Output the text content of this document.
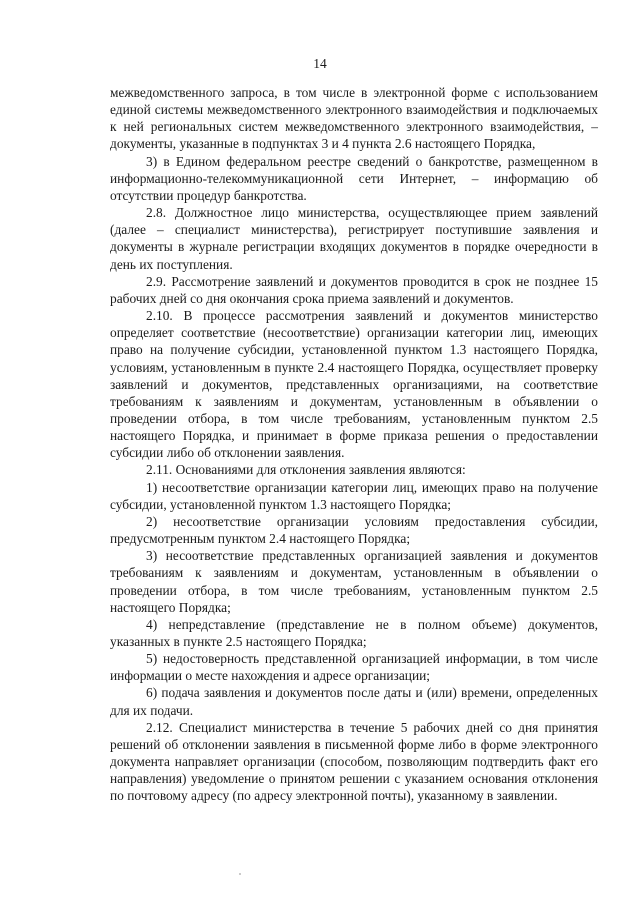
14

межведомственного запроса, в том числе в электронной форме с использованием единой системы межведомственного электронного взаимодействия и подключаемых к ней региональных систем межведомственного электронного взаимодействия, – документы, указанные в подпунктах 3 и 4 пункта 2.6 настоящего Порядка,

3) в Едином федеральном реестре сведений о банкротстве, размещенном в информационно-телекоммуникационной сети Интернет, – информацию об отсутствии процедур банкротства.

2.8. Должностное лицо министерства, осуществляющее прием заявлений (далее – специалист министерства), регистрирует поступившие заявления и документы в журнале регистрации входящих документов в порядке очередности в день их поступления.

2.9. Рассмотрение заявлений и документов проводится в срок не позднее 15 рабочих дней со дня окончания срока приема заявлений и документов.

2.10. В процессе рассмотрения заявлений и документов министерство определяет соответствие (несоответствие) организации категории лиц, имеющих право на получение субсидии, установленной пунктом 1.3 настоящего Порядка, условиям, установленным в пункте 2.4 настоящего Порядка, осуществляет проверку заявлений и документов, представленных организациями, на соответствие требованиям к заявлениям и документам, установленным в объявлении о проведении отбора, в том числе требованиям, установленным пунктом 2.5 настоящего Порядка, и принимает в форме приказа решения о предоставлении субсидии либо об отклонении заявления.

2.11. Основаниями для отклонения заявления являются:

1) несоответствие организации категории лиц, имеющих право на получение субсидии, установленной пунктом 1.3 настоящего Порядка;

2) несоответствие организации условиям предоставления субсидии, предусмотренным пунктом 2.4 настоящего Порядка;

3) несоответствие представленных организацией заявления и документов требованиям к заявлениям и документам, установленным в объявлении о проведении отбора, в том числе требованиям, установленным пунктом 2.5 настоящего Порядка;

4) непредставление (представление не в полном объеме) документов, указанных в пункте 2.5 настоящего Порядка;

5) недостоверность представленной организацией информации, в том числе информации о месте нахождения и адресе организации;

6) подача заявления и документов после даты и (или) времени, определенных для их подачи.

2.12. Специалист министерства в течение 5 рабочих дней со дня принятия решений об отклонении заявления в письменной форме либо в форме электронного документа направляет организации (способом, позволяющим подтвердить факт его направления) уведомление о принятом решении с указанием основания отклонения по почтовому адресу (по адресу электронной почты), указанному в заявлении.
